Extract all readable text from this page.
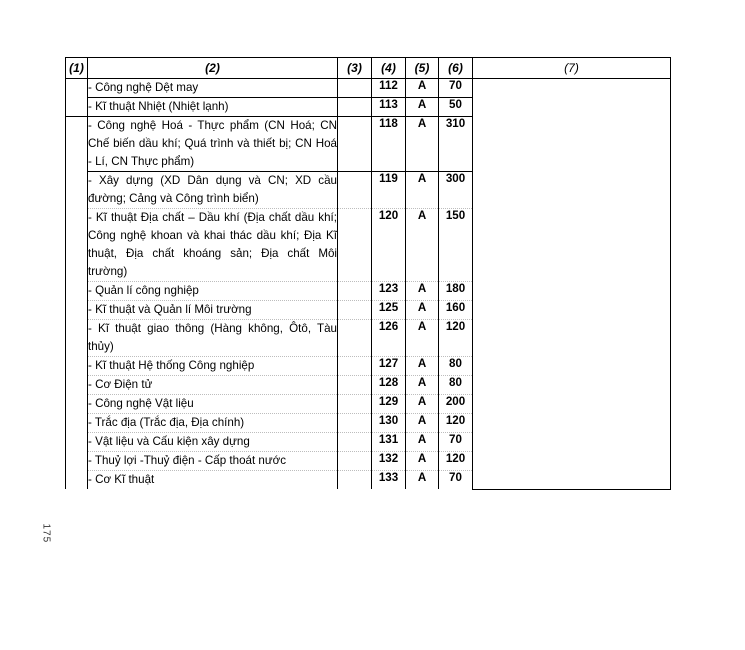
175
(1)	(2)	(3)	(4)	(5)	(6)	(7)
	- Công nghệ Dệt may		112	A	70	
	- Kĩ thuật Nhiệt (Nhiệt lạnh)		113	A	50	
	- Công nghệ Hoá - Thực phẩm (CN Hoá; CN Chế biến dầu khí; Quá trình và thiết bị; CN Hoá - Lí, CN Thực phẩm)		118	A	310	
	- Xây dựng (XD Dân dụng và CN; XD cầu đường; Cảng và Công trình biển)		119	A	300	
	- Kĩ thuật Địa chất – Dầu khí (Địa chất dầu khí; Công nghệ khoan và khai thác dầu khí; Địa Kĩ thuật, Địa chất khoáng sản; Địa chất Môi trường)		120	A	150	
	- Quản lí công nghiệp		123	A	180	
	- Kĩ thuật và Quản lí Môi trường		125	A	160	
	- Kĩ thuật giao thông (Hàng không, Ôtô, Tàu thủy)		126	A	120	
	- Kĩ thuật Hệ thống Công nghiệp		127	A	80	
	- Cơ Điện tử		128	A	80	
	- Công nghệ Vật liệu		129	A	200	
	- Trắc địa (Trắc địa, Địa chính)		130	A	120	
	- Vật liệu và Cấu kiện xây dựng		131	A	70	
	- Thuỷ lợi -Thuỷ điện - Cấp thoát nước		132	A	120	
	- Cơ Kĩ thuật		133	A	70	
